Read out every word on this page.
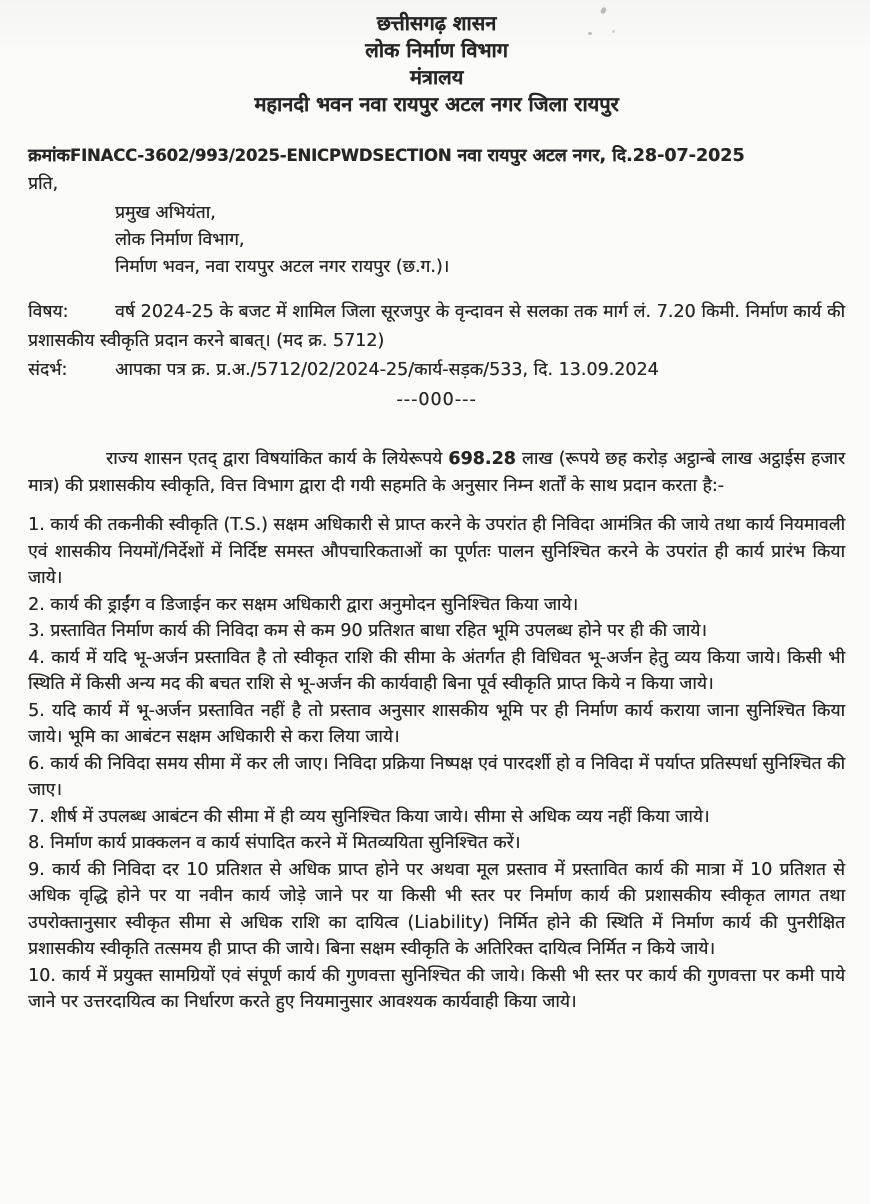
छत्तीसगढ़ शासन
लोक निर्माण विभाग
मंत्रालय
महानदी भवन नवा रायपुर अटल नगर जिला रायपुर

क्रमांकFINACC-3602/993/2025-ENICPWDSECTION नवा रायपुर अटल नगर, दि.28-07-2025

प्रति,

प्रमुख अभियंता,

लोक निर्माण विभाग,

निर्माण भवन, नवा रायपुर अटल नगर रायपुर (छ.ग.)।

विषय:	वर्ष 2024-25 के बजट में शामिल जिला सूरजपुर के वृन्दावन से सलका तक मार्ग लं. 7.20 किमी. निर्माण कार्य की प्रशासकीय स्वीकृति प्रदान करने बाबत्। (मद क्र. 5712)

संदर्भ:	आपका पत्र क्र. प्र.अ./5712/02/2024-25/कार्य-सड़क/533, दि. 13.09.2024

---000---

राज्य शासन एतद् द्वारा विषयांकित कार्य के लियेरूपये 698.28 लाख (रूपये छह करोड़ अट्ठान्बे लाख अट्ठाईस हजार मात्र) की प्रशासकीय स्वीकृति, वित्त विभाग द्वारा दी गयी सहमति के अनुसार निम्न शर्तों के साथ प्रदान करता है:-

1. कार्य की तकनीकी स्वीकृति (T.S.) सक्षम अधिकारी से प्राप्त करने के उपरांत ही निविदा आमंत्रित की जाये तथा कार्य नियमावली एवं शासकीय नियमों/निर्देशों में निर्दिष्ट समस्त औपचारिकताओं का पूर्णतः पालन सुनिश्चित करने के उपरांत ही कार्य प्रारंभ किया जाये।

2. कार्य की ड्राईंग व डिजाईन कर सक्षम अधिकारी द्वारा अनुमोदन सुनिश्चित किया जाये।

3. प्रस्तावित निर्माण कार्य की निविदा कम से कम 90 प्रतिशत बाधा रहित भूमि उपलब्ध होने पर ही की जाये।

4. कार्य में यदि भू-अर्जन प्रस्तावित है तो स्वीकृत राशि की सीमा के अंतर्गत ही विधिवत भू-अर्जन हेतु व्यय किया जाये। किसी भी स्थिति में किसी अन्य मद की बचत राशि से भू-अर्जन की कार्यवाही बिना पूर्व स्वीकृति प्राप्त किये न किया जाये।

5. यदि कार्य में भू-अर्जन प्रस्तावित नहीं है तो प्रस्ताव अनुसार शासकीय भूमि पर ही निर्माण कार्य कराया जाना सुनिश्चित किया जाये। भूमि का आबंटन सक्षम अधिकारी से करा लिया जाये।

6. कार्य की निविदा समय सीमा में कर ली जाए। निविदा प्रक्रिया निष्पक्ष एवं पारदर्शी हो व निविदा में पर्याप्त प्रतिस्पर्धा सुनिश्चित की जाए।

7. शीर्ष में उपलब्ध आबंटन की सीमा में ही व्यय सुनिश्चित किया जाये। सीमा से अधिक व्यय नहीं किया जाये।

8. निर्माण कार्य प्राक्कलन व कार्य संपादित करने में मितव्ययिता सुनिश्चित करें।

9. कार्य की निविदा दर 10 प्रतिशत से अधिक प्राप्त होने पर अथवा मूल प्रस्ताव में प्रस्तावित कार्य की मात्रा में 10 प्रतिशत से अधिक वृद्धि होने पर या नवीन कार्य जोड़े जाने पर या किसी भी स्तर पर निर्माण कार्य की प्रशासकीय स्वीकृत लागत तथा उपरोक्तानुसार स्वीकृत सीमा से अधिक राशि का दायित्व (Liability) निर्मित होने की स्थिति में निर्माण कार्य की पुनरीक्षित प्रशासकीय स्वीकृति तत्समय ही प्राप्त की जाये। बिना सक्षम स्वीकृति के अतिरिक्त दायित्व निर्मित न किये जाये।

10. कार्य में प्रयुक्त सामग्रियों एवं संपूर्ण कार्य की गुणवत्ता सुनिश्चित की जाये। किसी भी स्तर पर कार्य की गुणवत्ता पर कमी पाये जाने पर उत्तरदायित्व का निर्धारण करते हुए नियमानुसार आवश्यक कार्यवाही किया जाये।
